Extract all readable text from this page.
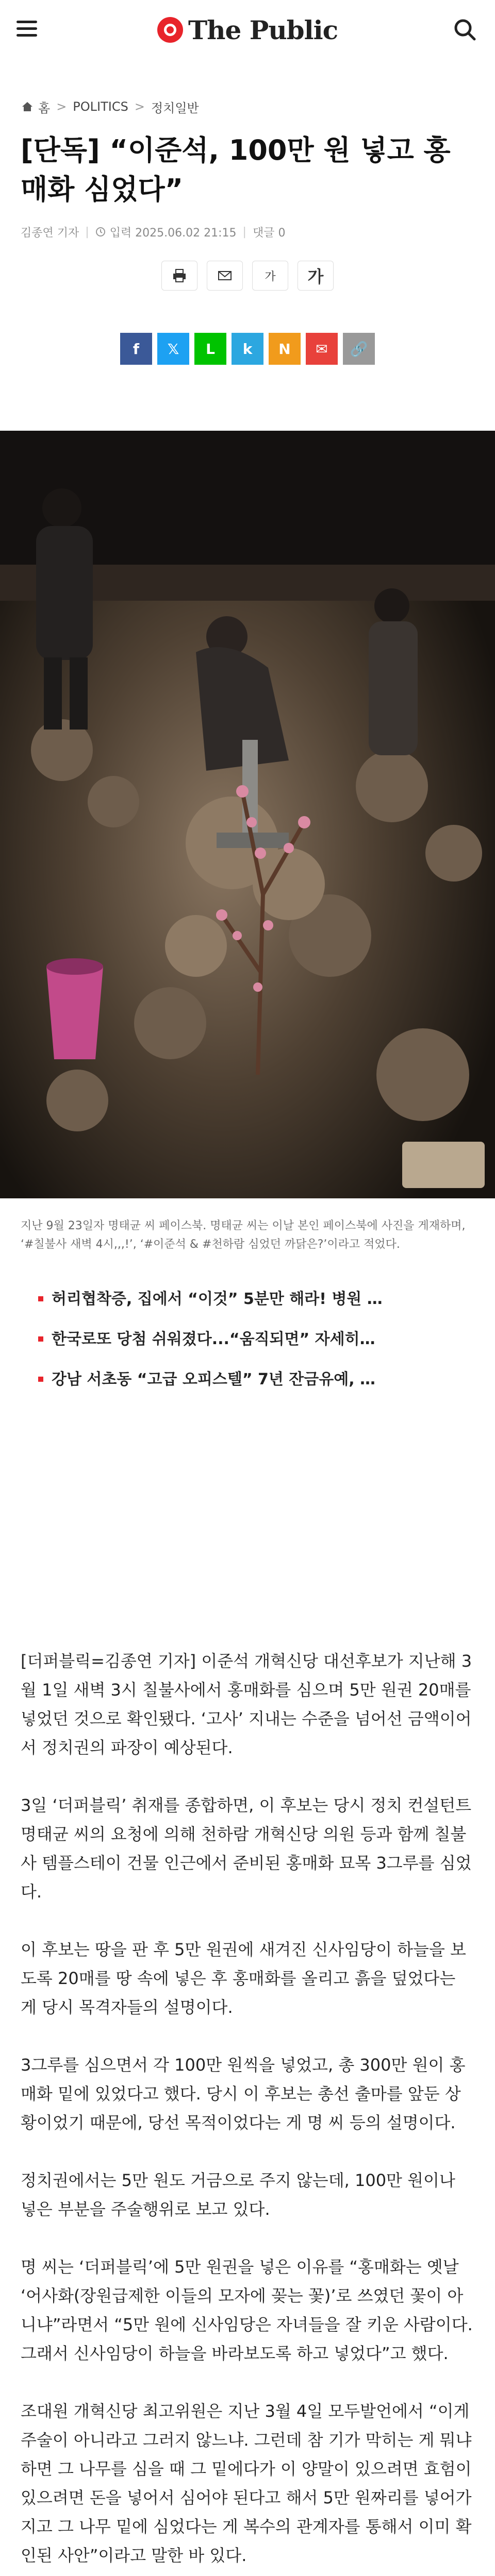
The Public
홈 > POLITICS > 정치일반
[단독] “이준석, 100만 원 넣고 홍매화 심었다”
김종연 기자 | 입력 2025.06.02 21:15 | 댓글 0
가	가
f	𝕏	L	k	N	✉	🔗
지난 9월 23일자 명태균 씨 페이스북. 명태균 씨는 이날 본인 페이스북에 사진을 게재하며, ‘#칠불사 새벽 4시,,,!’, ‘#이준석 & #천하람 심었던 까닭은?’이라고 적었다.
허리협착증, 집에서 “이것” 5분만 해라! 병원 …
한국로또 당첨 쉬워졌다...“움직되면” 자세히…
강남 서초동 “고급 오피스텔” 7년 잔금유예, …

[더퍼블릭=김종연 기자] 이준석 개혁신당 대선후보가 지난해 3월 1일 새벽 3시 칠불사에서 홍매화를 심으며 5만 원권 20매를 넣었던 것으로 확인됐다. ‘고사’ 지내는 수준을 넘어선 금액이어서 정치권의 파장이 예상된다.

3일 ‘더퍼블릭’ 취재를 종합하면, 이 후보는 당시 정치 컨설턴트 명태균 씨의 요청에 의해 천하람 개혁신당 의원 등과 함께 칠불사 템플스테이 건물 인근에서 준비된 홍매화 묘목 3그루를 심었다.

이 후보는 땅을 판 후 5만 원권에 새겨진 신사임당이 하늘을 보도록 20매를 땅 속에 넣은 후 홍매화를 올리고 흙을 덮었다는 게 당시 목격자들의 설명이다.

3그루를 심으면서 각 100만 원씩을 넣었고, 총 300만 원이 홍매화 밑에 있었다고 했다. 당시 이 후보는 총선 출마를 앞둔 상황이었기 때문에, 당선 목적이었다는 게 명 씨 등의 설명이다.

정치권에서는 5만 원도 거금으로 주지 않는데, 100만 원이나 넣은 부분을 주술행위로 보고 있다.

명 씨는 ‘더퍼블릭’에 5만 원권을 넣은 이유를 “홍매화는 옛날 ‘어사화(장원급제한 이들의 모자에 꽂는 꽃)’로 쓰였던 꽃이 아니냐”라면서 “5만 원에 신사임당은 자녀들을 잘 키운 사람이다. 그래서 신사임당이 하늘을 바라보도록 하고 넣었다”고 했다.

조대원 개혁신당 최고위원은 지난 3월 4일 모두발언에서 “이게 주술이 아니라고 그러지 않느냐. 그런데 참 기가 막히는 게 뭐냐 하면 그 나무를 심을 때 그 밑에다가 이 양말이 있으려면 효험이 있으려면 돈을 넣어서 심어야 된다고 해서 5만 원짜리를 넣어가지고 그 나무 밑에 심었다는 게 복수의 관계자를 통해서 이미 확인된 사안”이라고 말한 바 있다.
